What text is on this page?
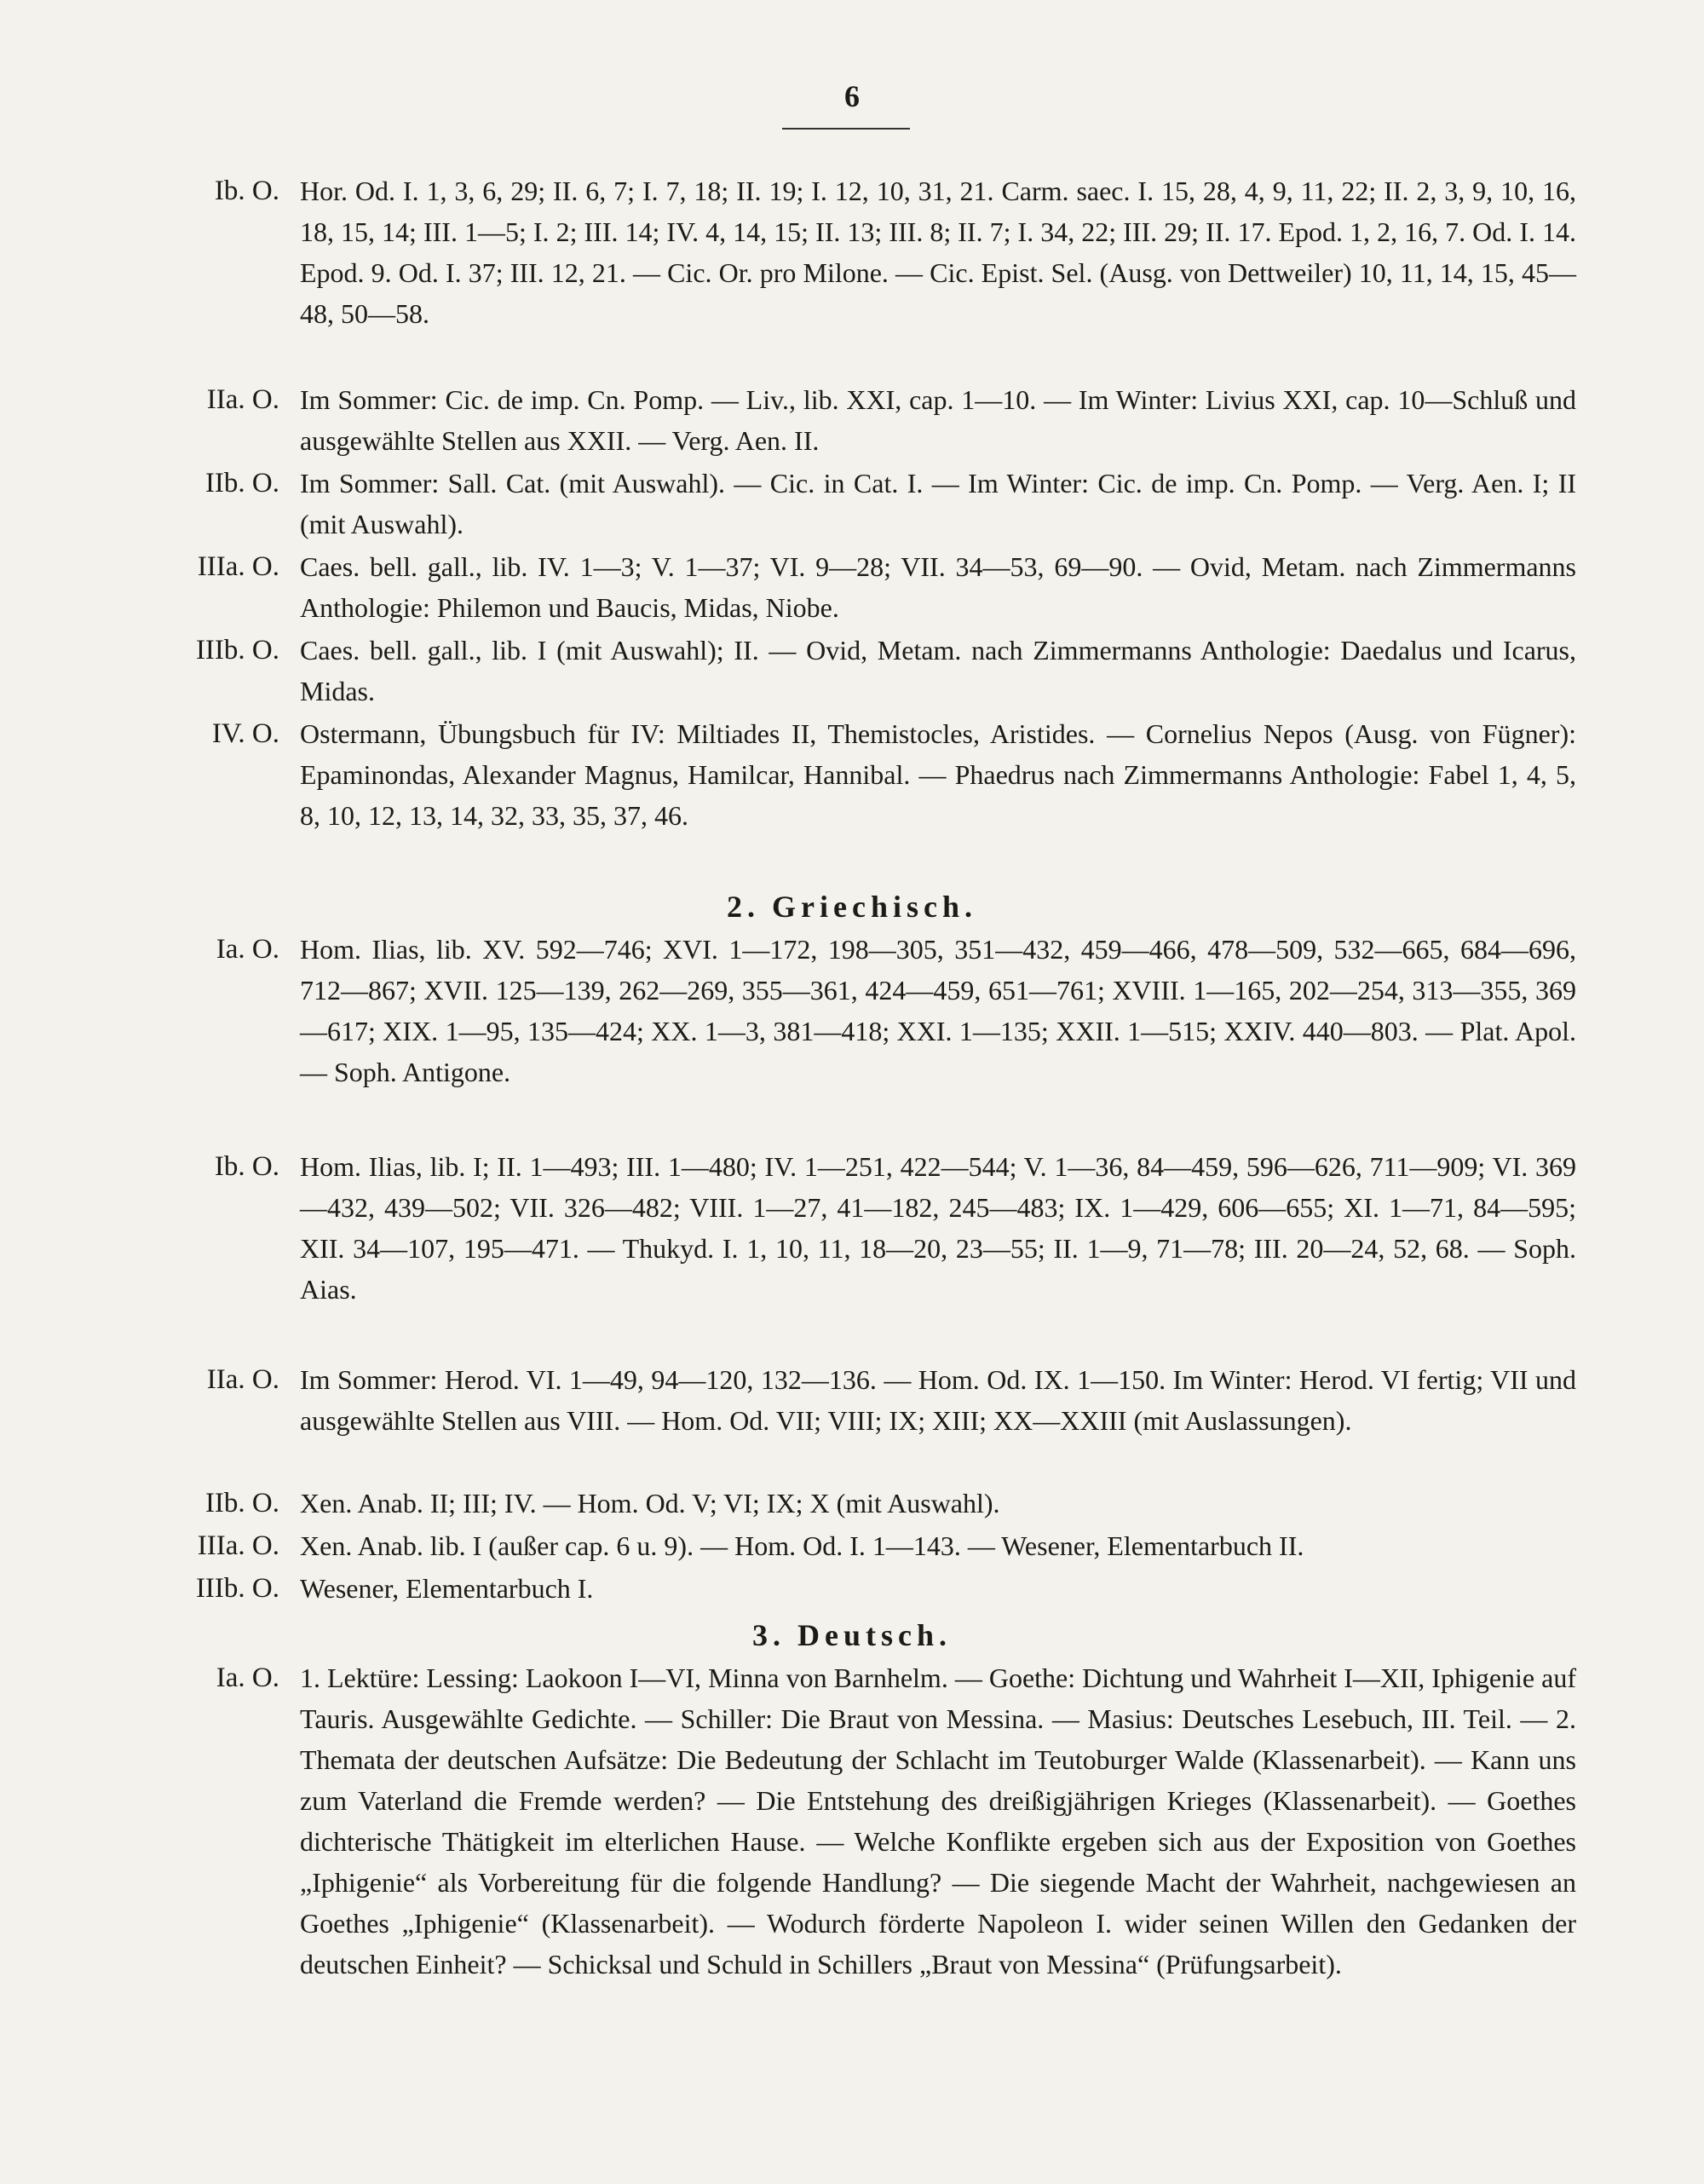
6
Ib. O. Hor. Od. I. 1, 3, 6, 29; II. 6, 7; I. 7, 18; II. 19; I. 12, 10, 31, 21. Carm. saec. I. 15, 28, 4, 9, 11, 22; II. 2, 3, 9, 10, 16, 18, 15, 14; III. 1—5; I. 2; III. 14; IV. 4, 14, 15; II. 13; III. 8; II. 7; I. 34, 22; III. 29; II. 17. Epod. 1, 2, 16, 7. Od. I. 14. Epod. 9. Od. I. 37; III. 12, 21. — Cic. Or. pro Milone. — Cic. Epist. Sel. (Ausg. von Dettweiler) 10, 11, 14, 15, 45—48, 50—58.
IIa. O. Im Sommer: Cic. de imp. Cn. Pomp. — Liv., lib. XXI, cap. 1—10. — Im Winter: Livius XXI, cap. 10—Schluß und ausgewählte Stellen aus XXII. — Verg. Aen. II.
IIb. O. Im Sommer: Sall. Cat. (mit Auswahl). — Cic. in Cat. I. — Im Winter: Cic. de imp. Cn. Pomp. — Verg. Aen. I; II (mit Auswahl).
IIIa. O. Caes. bell. gall., lib. IV. 1—3; V. 1—37; VI. 9—28; VII. 34—53, 69—90. — Ovid, Metam. nach Zimmermanns Anthologie: Philemon und Baucis, Midas, Niobe.
IIIb. O. Caes. bell. gall., lib. I (mit Auswahl); II. — Ovid, Metam. nach Zimmermanns Anthologie: Daedalus und Icarus, Midas.
IV. O. Ostermann, Übungsbuch für IV: Miltiades II, Themistocles, Aristides. — Cornelius Nepos (Ausg. von Fügner): Epaminondas, Alexander Magnus, Hamilcar, Hannibal. — Phaedrus nach Zimmermanns Anthologie: Fabel 1, 4, 5, 8, 10, 12, 13, 14, 32, 33, 35, 37, 46.
2. Griechisch.
Ia. O. Hom. Ilias, lib. XV. 592—746; XVI. 1—172, 198—305, 351—432, 459—466, 478—509, 532—665, 684—696, 712—867; XVII. 125—139, 262—269, 355—361, 424—459, 651—761; XVIII. 1—165, 202—254, 313—355, 369—617; XIX. 1—95, 135—424; XX. 1—3, 381—418; XXI. 1—135; XXII. 1—515; XXIV. 440—803. — Plat. Apol. — Soph. Antigone.
Ib. O. Hom. Ilias, lib. I; II. 1—493; III. 1—480; IV. 1—251, 422—544; V. 1—36, 84—459, 596—626, 711—909; VI. 369—432, 439—502; VII. 326—482; VIII. 1—27, 41—182, 245—483; IX. 1—429, 606—655; XI. 1—71, 84—595; XII. 34—107, 195—471. — Thukyd. I. 1, 10, 11, 18—20, 23—55; II. 1—9, 71—78; III. 20—24, 52, 68. — Soph. Aias.
IIa. O. Im Sommer: Herod. VI. 1—49, 94—120, 132—136. — Hom. Od. IX. 1—150. Im Winter: Herod. VI fertig; VII und ausgewählte Stellen aus VIII. — Hom. Od. VII; VIII; IX; XIII; XX—XXIII (mit Auslassungen).
IIb. O. Xen. Anab. II; III; IV. — Hom. Od. V; VI; IX; X (mit Auswahl).
IIIa. O. Xen. Anab. lib. I (außer cap. 6 u. 9). — Hom. Od. I. 1—143. — Wesener, Elementarbuch II.
IIIb. O. Wesener, Elementarbuch I.
3. Deutsch.
Ia. O. 1. Lektüre: Lessing: Laokoon I—VI, Minna von Barnhelm. — Goethe: Dichtung und Wahrheit I—XII, Iphigenie auf Tauris. Ausgewählte Gedichte. — Schiller: Die Braut von Messina. — Masius: Deutsches Lesebuch, III. Teil. — 2. Themata der deutschen Aufsätze: Die Bedeutung der Schlacht im Teutoburger Walde (Klassenarbeit). — Kann uns zum Vaterland die Fremde werden? — Die Entstehung des dreißigjährigen Krieges (Klassenarbeit). — Goethes dichterische Thätigkeit im elterlichen Hause. — Welche Konflikte ergeben sich aus der Exposition von Goethes „Iphigenie“ als Vorbereitung für die folgende Handlung? — Die siegende Macht der Wahrheit, nachgewiesen an Goethes „Iphigenie“ (Klassenarbeit). — Wodurch förderte Napoleon I. wider seinen Willen den Gedanken der deutschen Einheit? — Schicksal und Schuld in Schillers „Braut von Messina“ (Prüfungsarbeit).
